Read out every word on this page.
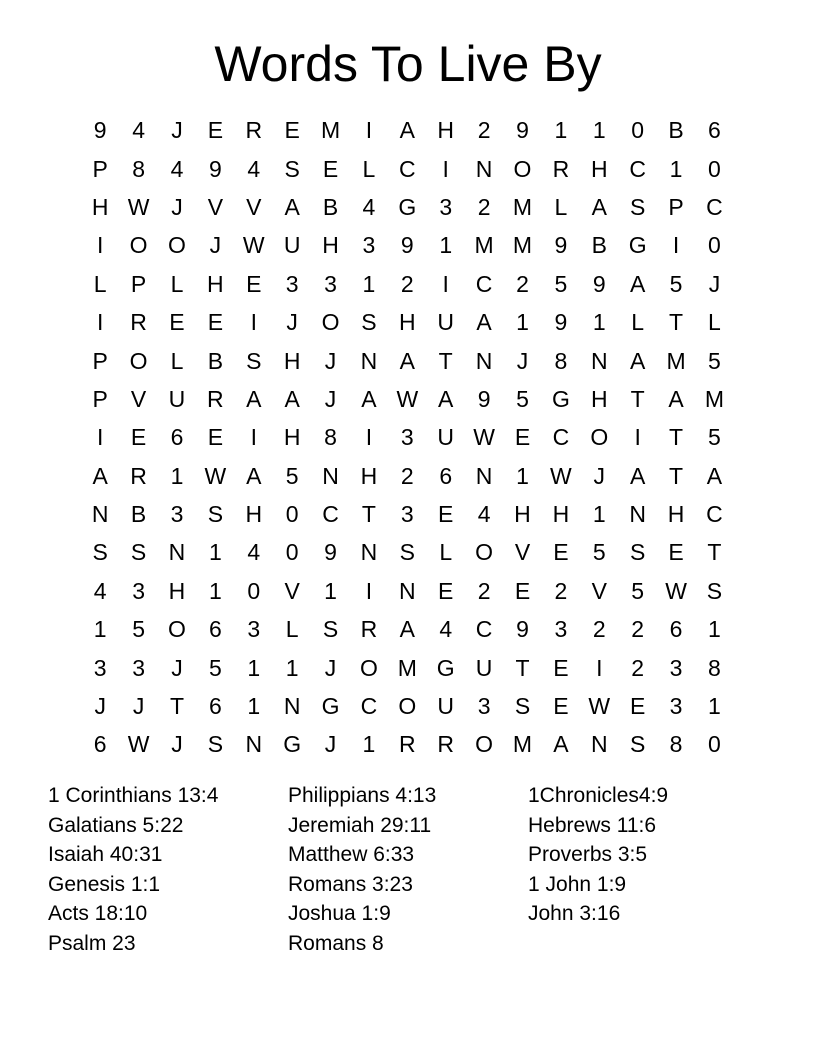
Words To Live By
9	4	J	E R E M	I	A H	2	9	1	1	0	B	6
P	8	4	9	4	S	E	L	C	I	N O R H C	1	0
H W J	V	V	A	B	4	G	3	2 M L	A	S	P C
I	O O	J W U H	3	9	1 M M 9	B G	I	0
L	P	L	H E	3	3	1	2	I	C	2	5	9	A	5	J
I	R E	E	I	J	O S H U A	1	9	1	L	T	L
P O	L	B	S H	J	N A	T	N	J	8	N A M 5
P	V U R A	A	J	A W A	9	5	G H	T	A M
I	E	6	E	I	H	8	I	3	U W E C O	I	T	5
A R	1 W A	5	N H	2	6	N	1 W J	A	T	A
N B	3	S H	0	C	T	3	E	4	H H	1	N H C
S	S N	1	4	0	9	N S	L	O V	E	5	S	E	T
4	3	H	1	0	V	1	I	N E	2	E	2	V	5 W S
1	5	O	6	3	L	S R A	4	C	9	3	2	2	6	1
3	3	J	5	1	1	J	O M G U	T	E	I	2	3	8
J	J	T	6	1	N G C O U	3	S	E W E	3	1
6 W J	S N G	J	1	R R O M A N S	8	0
1 Corinthians 13:4
Galatians 5:22
Isaiah 40:31
Genesis 1:1
Acts 18:10
Psalm 23
Philippians 4:13
Jeremiah 29:11
Matthew 6:33
Romans 3:23
Joshua 1:9
Romans 8
1Chronicles4:9
Hebrews 11:6
Proverbs 3:5
1 John 1:9
John 3:16
